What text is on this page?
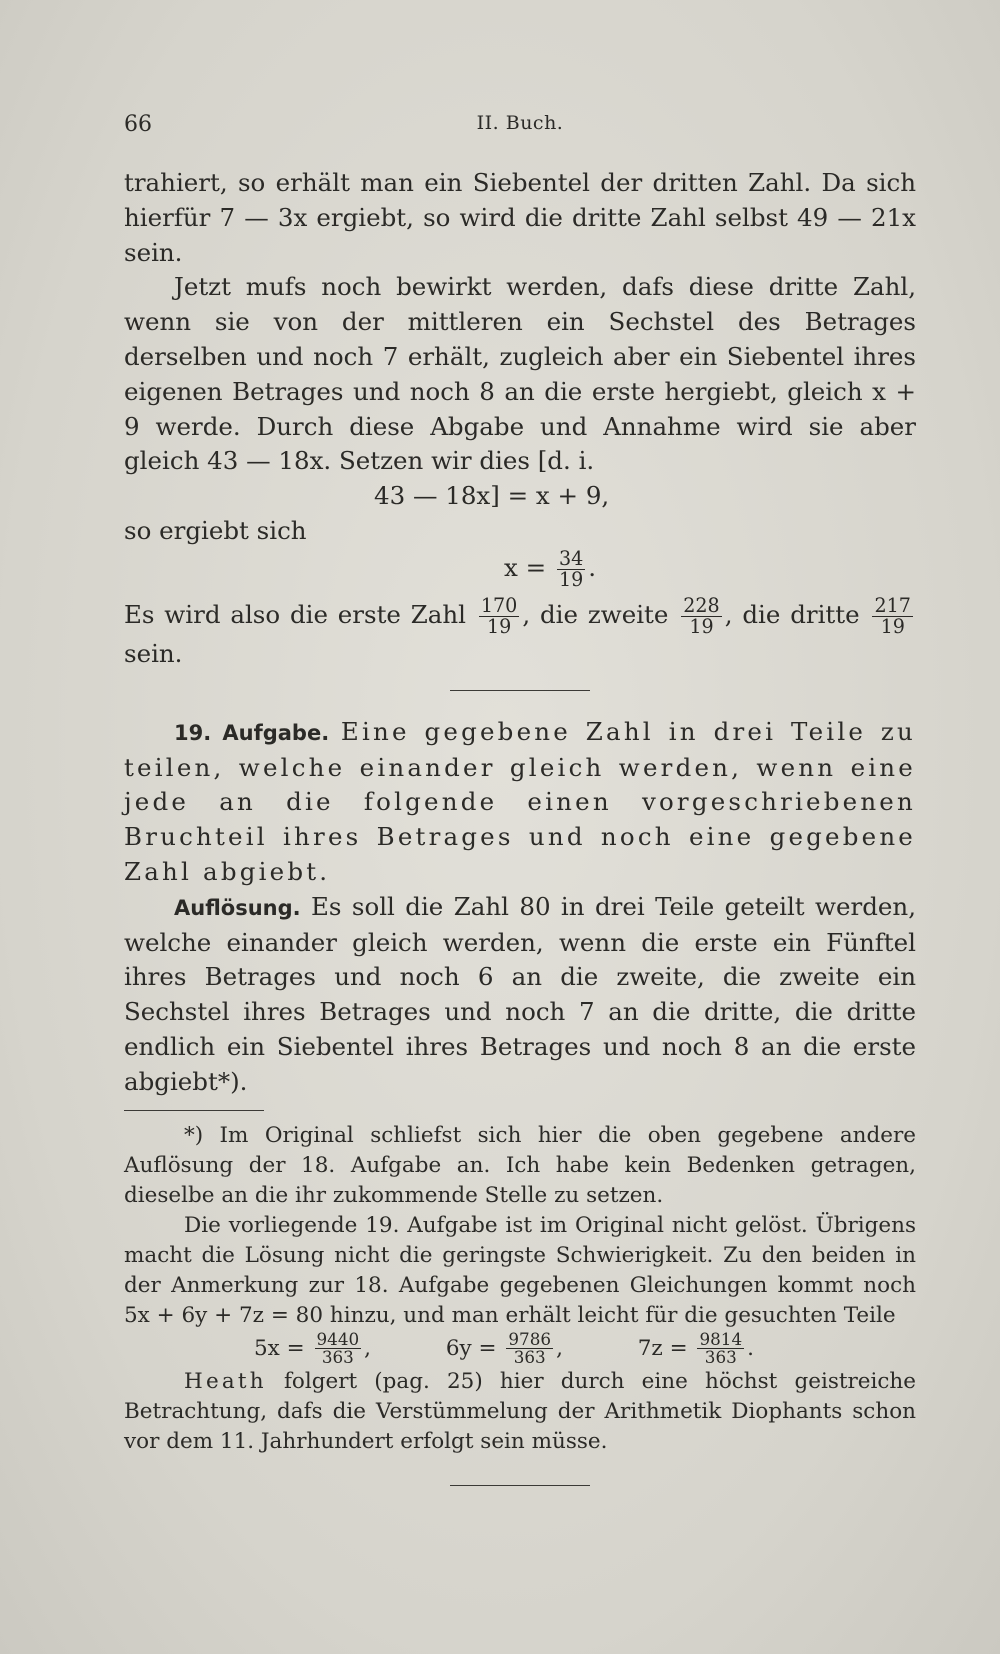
66	II. Buch.

trahiert, so erhält man ein Siebentel der dritten Zahl. Da sich hierfür 7 — 3x ergiebt, so wird die dritte Zahl selbst 49 — 21x sein.

Jetzt mufs noch bewirkt werden, dafs diese dritte Zahl, wenn sie von der mittleren ein Sechstel des Betrages derselben und noch 7 erhält, zugleich aber ein Siebentel ihres eigenen Betrages und noch 8 an die erste hergiebt, gleich x + 9 werde. Durch diese Abgabe und Annahme wird sie aber gleich 43 — 18x. Setzen wir dies [d. i.

43 — 18x] = x + 9,

so ergiebt sich

$x = \frac{34}{19}$ .

Es wird also die erste Zahl $\frac{170}{19}$ , die zweite $\frac{228}{19}$ , die dritte $\frac{217}{19}$
sein.

19. Aufgabe. Eine gegebene Zahl in drei Teile zu teilen, welche einander gleich werden, wenn eine jede an die folgende einen vorgeschriebenen Bruchteil ihres Betrages und noch eine gegebene Zahl abgiebt.

Auflösung. Es soll die Zahl 80 in drei Teile geteilt werden, welche einander gleich werden, wenn die erste ein Fünftel ihres Betrages und noch 6 an die zweite, die zweite ein Sechstel ihres Betrages und noch 7 an die dritte, die dritte endlich ein Siebentel ihres Betrages und noch 8 an die erste abgiebt*).

*) Im Original schliefst sich hier die oben gegebene andere Auflösung der 18. Aufgabe an. Ich habe kein Bedenken getragen, dieselbe an die ihr zukommende Stelle zu setzen.

Die vorliegende 19. Aufgabe ist im Original nicht gelöst. Übrigens macht die Lösung nicht die geringste Schwierigkeit. Zu den beiden in der Anmerkung zur 18. Aufgabe gegebenen Gleichungen kommt noch 5x + 6y + 7z = 80 hinzu, und man erhält leicht für die gesuchten Teile

$5x = \frac{9440}{363}$ ,	$6y = \frac{9786}{363}$ ,	$7z = \frac{9814}{363}$ .

Heath folgert (pag. 25) hier durch eine höchst geistreiche Betrachtung, dafs die Verstümmelung der Arithmetik Diophants schon vor dem 11. Jahrhundert erfolgt sein müsse.
